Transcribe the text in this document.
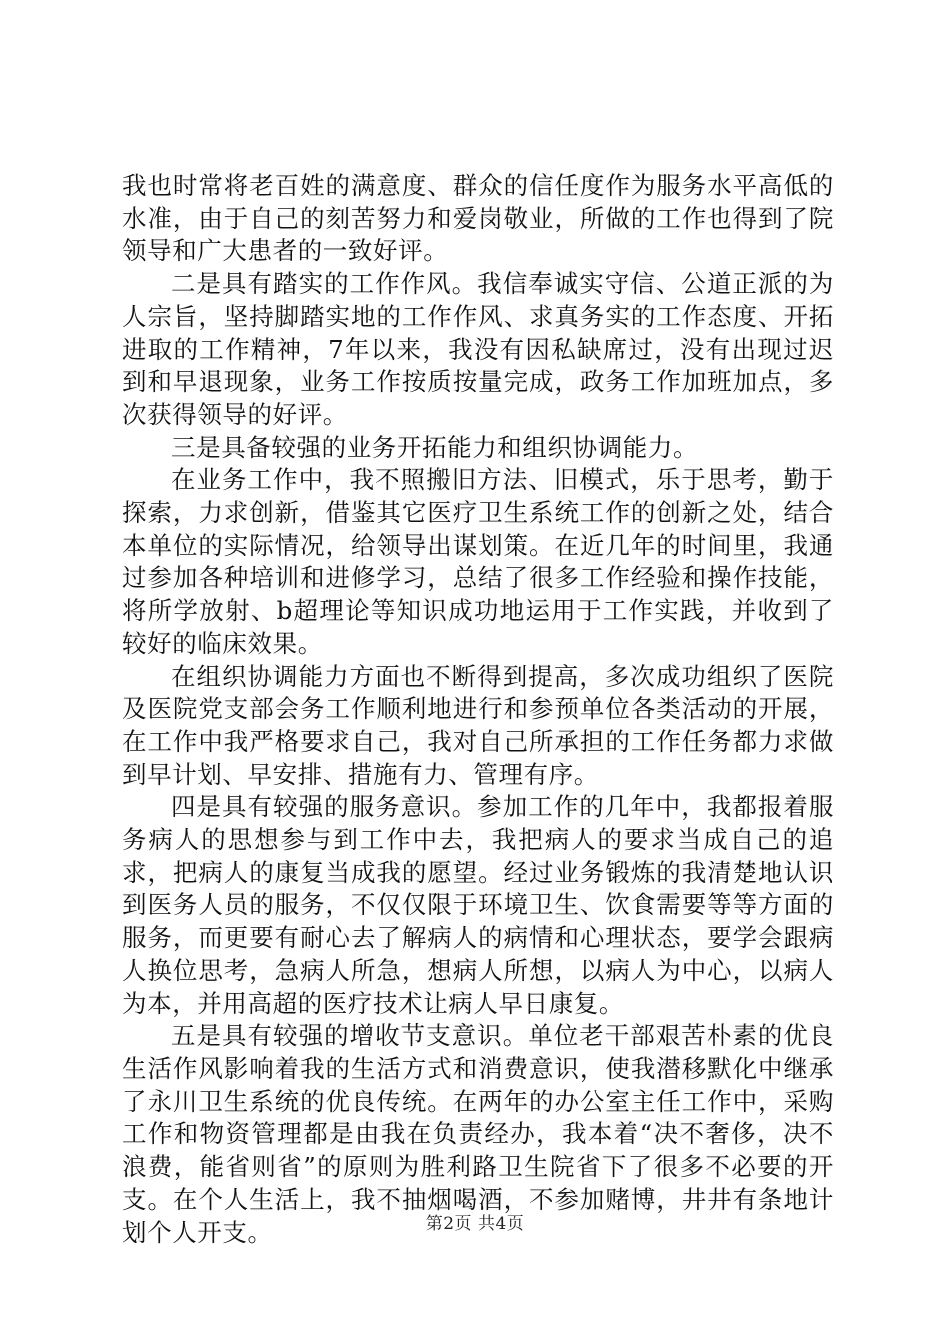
我也时常将老百姓的满意度、群众的信任度作为服务水平高低的水准，由于自己的刻苦努力和爱岗敬业，所做的工作也得到了院领导和广大患者的一致好评。

二是具有踏实的工作作风。我信奉诚实守信、公道正派的为人宗旨，坚持脚踏实地的工作作风、求真务实的工作态度、开拓进取的工作精神，7年以来，我没有因私缺席过，没有出现过迟到和早退现象，业务工作按质按量完成，政务工作加班加点，多次获得领导的好评。

三是具备较强的业务开拓能力和组织协调能力。

在业务工作中，我不照搬旧方法、旧模式，乐于思考，勤于探索，力求创新，借鉴其它医疗卫生系统工作的创新之处，结合本单位的实际情况，给领导出谋划策。在近几年的时间里，我通过参加各种培训和进修学习，总结了很多工作经验和操作技能，将所学放射、b超理论等知识成功地运用于工作实践，并收到了较好的临床效果。

在组织协调能力方面也不断得到提高，多次成功组织了医院及医院党支部会务工作顺利地进行和参预单位各类活动的开展，在工作中我严格要求自己，我对自己所承担的工作任务都力求做到早计划、早安排、措施有力、管理有序。

四是具有较强的服务意识。参加工作的几年中，我都报着服务病人的思想参与到工作中去，我把病人的要求当成自己的追求，把病人的康复当成我的愿望。经过业务锻炼的我清楚地认识到医务人员的服务，不仅仅限于环境卫生、饮食需要等等方面的服务，而更要有耐心去了解病人的病情和心理状态，要学会跟病人换位思考，急病人所急，想病人所想，以病人为中心，以病人为本，并用高超的医疗技术让病人早日康复。

五是具有较强的增收节支意识。单位老干部艰苦朴素的优良生活作风影响着我的生活方式和消费意识，使我潜移默化中继承了永川卫生系统的优良传统。在两年的办公室主任工作中，采购工作和物资管理都是由我在负责经办，我本着“决不奢侈，决不浪费，能省则省”的原则为胜利路卫生院省下了很多不必要的开支。在个人生活上，我不抽烟喝酒，不参加赌博，井井有条地计划个人开支。	第2页 共4页
